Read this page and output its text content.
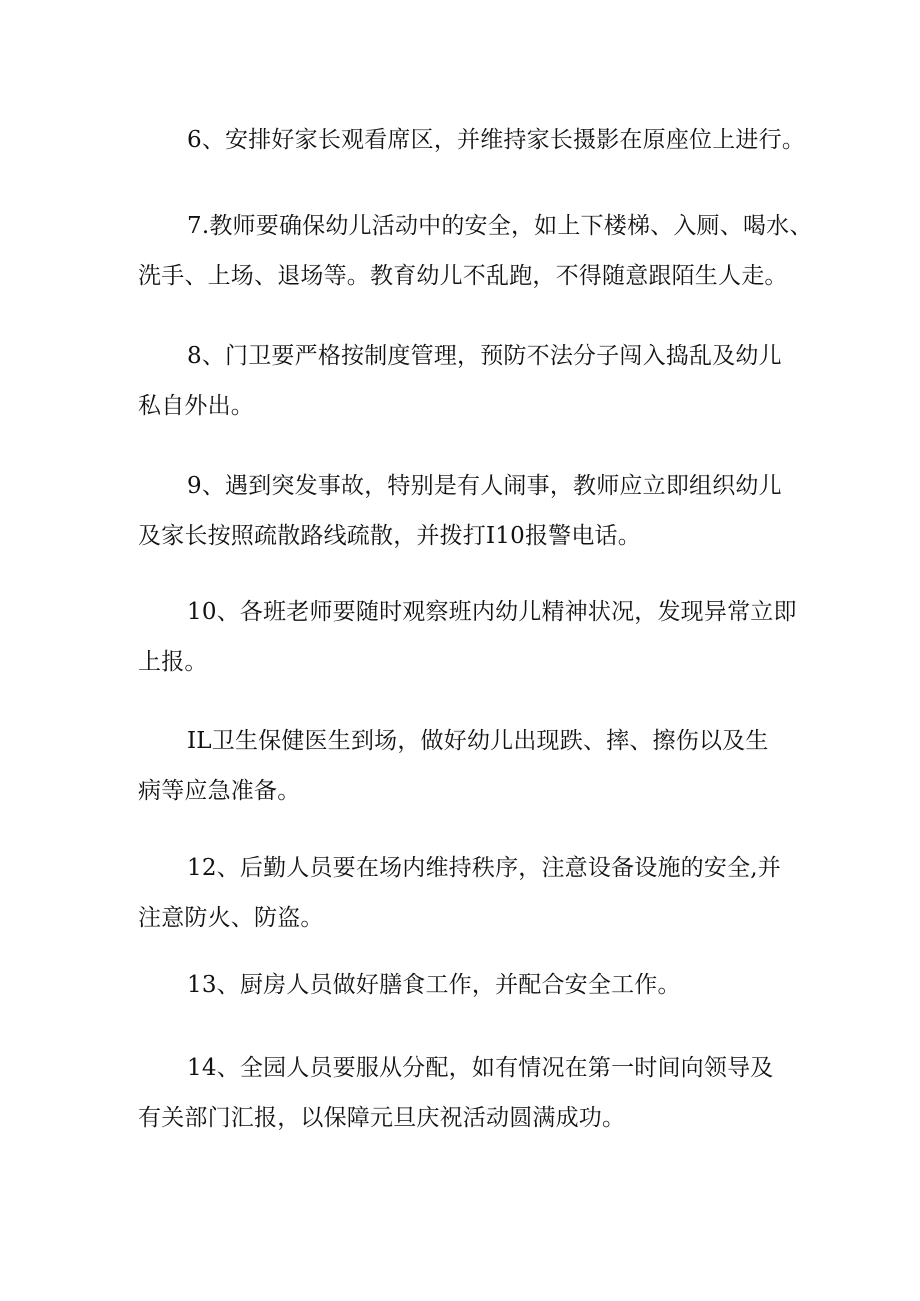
6、安排好家长观看席区，并维持家长摄影在原座位上进行。

7.教师要确保幼儿活动中的安全，如上下楼梯、入厕、喝水、
洗手、上场、退场等。教育幼儿不乱跑，不得随意跟陌生人走。

8、门卫要严格按制度管理，预防不法分子闯入捣乱及幼儿
私自外出。

9、遇到突发事故，特别是有人闹事，教师应立即组织幼儿
及家长按照疏散路线疏散，并拨打I10报警电话。

10、各班老师要随时观察班内幼儿精神状况，发现异常立即
上报。

IL卫生保健医生到场，做好幼儿出现跌、摔、擦伤以及生
病等应急准备。

12、后勤人员要在场内维持秩序，注意设备设施的安全,并
注意防火、防盗。

13、厨房人员做好膳食工作，并配合安全工作。

14、全园人员要服从分配，如有情况在第一时间向领导及
有关部门汇报，以保障元旦庆祝活动圆满成功。
